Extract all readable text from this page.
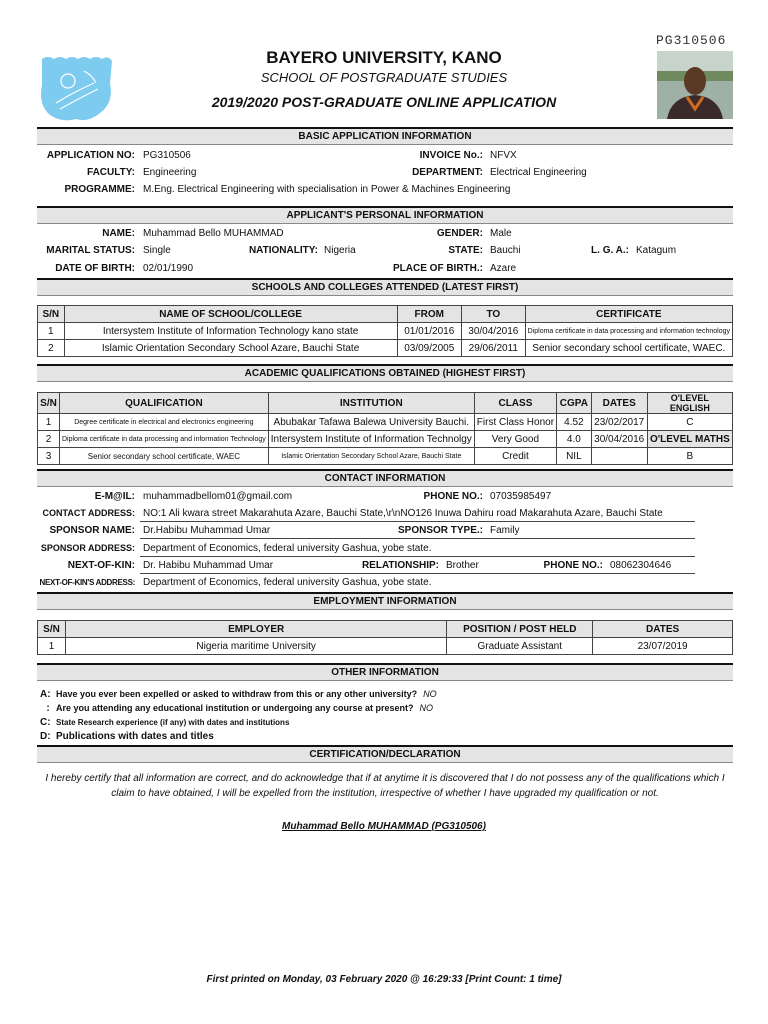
PG310506
BAYERO UNIVERSITY, KANO
SCHOOL OF POSTGRADUATE STUDIES
2019/2020 POST-GRADUATE ONLINE APPLICATION
BASIC APPLICATION INFORMATION
APPLICATION NO: PG310506	INVOICE No.: NFVX
FACULTY: Engineering	DEPARTMENT: Electrical Engineering
PROGRAMME: M.Eng. Electrical Engineering with specialisation in Power & Machines Engineering
APPLICANT'S PERSONAL INFORMATION
NAME: Muhammad Bello MUHAMMAD	GENDER: Male
MARITAL STATUS: Single	NATIONALITY: Nigeria	STATE: Bauchi	L. G. A.: Katagum
DATE OF BIRTH: 02/01/1990	PLACE OF BIRTH.: Azare
SCHOOLS AND COLLEGES ATTENDED (LATEST FIRST)
S/N	NAME OF SCHOOL/COLLEGE	FROM	TO	CERTIFICATE
1	Intersystem Institute of Information Technology kano state	01/01/2016	30/04/2016	Diploma certificate in data processing and information technology
2	Islamic Orientation Secondary School Azare, Bauchi State	03/09/2005	29/06/2011	Senior secondary school certificate, WAEC.
ACADEMIC QUALIFICATIONS OBTAINED (HIGHEST FIRST)
S/N	QUALIFICATION	INSTITUTION	CLASS	CGPA	DATES	O'LEVEL ENGLISH
1	Degree certificate in electrical and electronics engineering	Abubakar Tafawa Balewa University Bauchi.	First Class Honor	4.52	23/02/2017	C
2	Diploma certificate in data processing and information Technology	Intersystem Institute of Information Technolgy	Very Good	4.0	30/04/2016	O'LEVEL MATHS
3	Senior secondary school certificate, WAEC	Islamic Orientation Secondary School Azare, Bauchi State	Credit	NIL		B
CONTACT INFORMATION
E-M@IL: muhammadbellom01@gmail.com	PHONE NO.: 07035985497
CONTACT ADDRESS: NO:1 Ali kwara street Makarahuta Azare, Bauchi State,\r\nNO126 Inuwa Dahiru road Makarahuta Azare, Bauchi State
SPONSOR NAME: Dr.Habibu Muhammad Umar	SPONSOR TYPE.: Family
SPONSOR ADDRESS: Department of Economics, federal university Gashua, yobe state.
NEXT-OF-KIN: Dr. Habibu Muhammad Umar	RELATIONSHIP: Brother	PHONE NO.: 08062304646
NEXT-OF-KIN'S ADDRESS: Department of Economics, federal university Gashua, yobe state.
EMPLOYMENT INFORMATION
S/N	EMPLOYER	POSITION / POST HELD	DATES
1	Nigeria maritime University	Graduate Assistant	23/07/2019
OTHER INFORMATION
A: Have you ever been expelled or asked to withdraw from this or any other university? NO
: Are you attending any educational institution or undergoing any course at present? NO
C: State Research experience (if any) with dates and institutions
D: Publications with dates and titles
CERTIFICATION/DECLARATION
I hereby certify that all information are correct, and do acknowledge that if at anytime it is discovered that I do not possess any of the qualifications which I claim to have obtained, I will be expelled from the institution, irrespective of whether I have upgraded my qualification or not.
Muhammad Bello MUHAMMAD (PG310506)
First printed on Monday, 03 February 2020 @ 16:29:33 [Print Count: 1 time]
